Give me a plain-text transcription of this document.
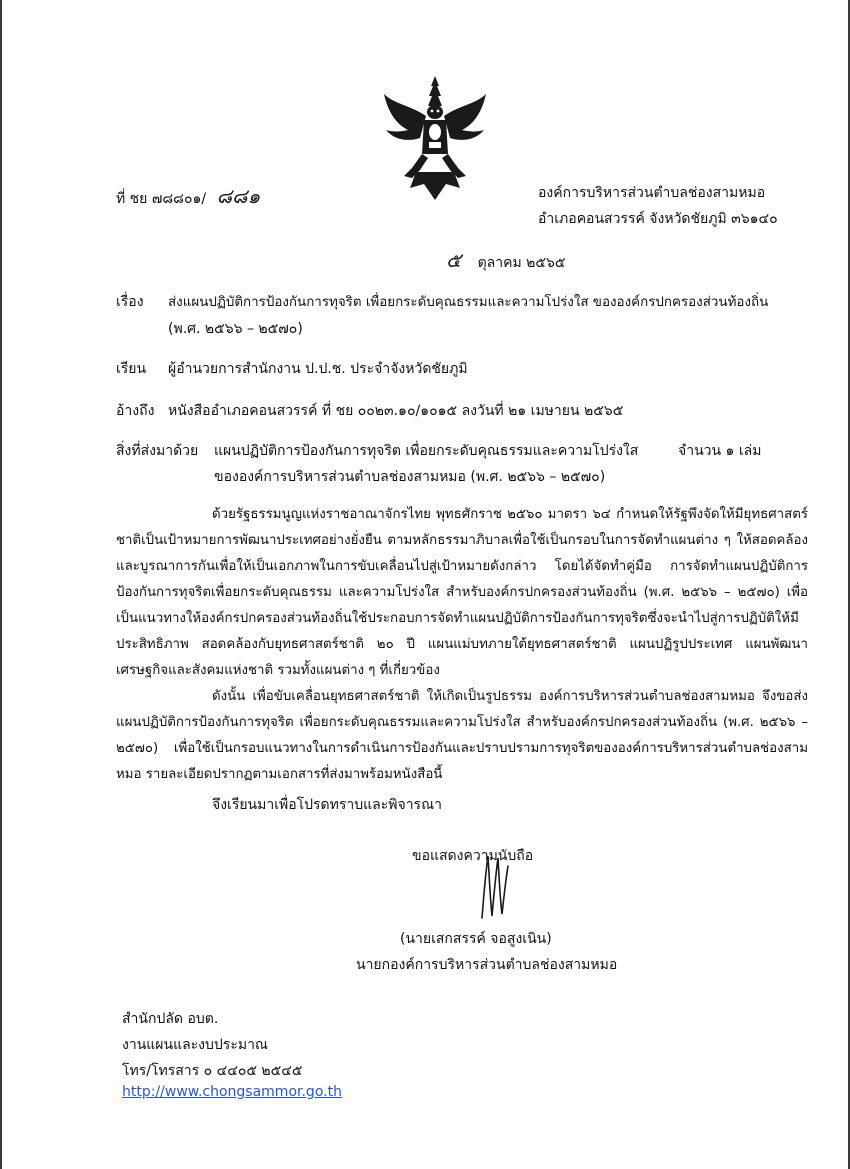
ที่ ชย ๗๘๘๐๑/ ๘๘๑	องค์การบริหารส่วนตำบลช่องสามหมอ
อำเภอคอนสวรรค์ จังหวัดชัยภูมิ ๓๖๑๔๐
๕ ตุลาคม ๒๕๖๕
เรื่อง ส่งแผนปฏิบัติการป้องกันการทุจริต เพื่อยกระดับคุณธรรมและความโปร่งใส ขององค์กรปกครองส่วนท้องถิ่น
(พ.ศ. ๒๕๖๖ – ๒๕๗๐)
เรียน ผู้อำนวยการสำนักงาน ป.ป.ช. ประจำจังหวัดชัยภูมิ
อ้างถึง หนังสืออำเภอคอนสวรรค์ ที่ ชย ๐๐๒๓.๑๐/๑๐๑๕ ลงวันที่ ๒๑ เมษายน ๒๕๖๕
สิ่งที่ส่งมาด้วย แผนปฏิบัติการป้องกันการทุจริต เพื่อยกระดับคุณธรรมและความโปร่งใส	จำนวน ๑ เล่ม
ขององค์การบริหารส่วนตำบลช่องสามหมอ (พ.ศ. ๒๕๖๖ – ๒๕๗๐)
ด้วยรัฐธรรมนูญแห่งราชอาณาจักรไทย พุทธศักราช ๒๕๖๐ มาตรา ๖๔ กำหนดให้รัฐพึงจัดให้มียุทธศาสตร์ชาติเป็นเป้าหมายการพัฒนาประเทศอย่างยั่งยืน ตามหลักธรรมาภิบาลเพื่อใช้เป็นกรอบในการจัดทำแผนต่าง ๆ ให้สอดคล้องและบูรณาการกันเพื่อให้เป็นเอกภาพในการขับเคลื่อนไปสู่เป้าหมายดังกล่าว โดยได้จัดทำคู่มือ การจัดทำแผนปฏิบัติการป้องกันการทุจริตเพื่อยกระดับคุณธรรม และความโปร่งใส สำหรับองค์กรปกครองส่วนท้องถิ่น (พ.ศ. ๒๕๖๖ – ๒๕๗๐) เพื่อเป็นแนวทางให้องค์กรปกครองส่วนท้องถิ่นใช้ประกอบการจัดทำแผนปฏิบัติการป้องกันการทุจริตซึ่งจะนำไปสู่การปฏิบัติให้มีประสิทธิภาพ สอดคล้องกับยุทธศาสตร์ชาติ ๒๐ ปี แผนแม่บทภายใต้ยุทธศาสตร์ชาติ แผนปฏิรูปประเทศ แผนพัฒนาเศรษฐกิจและสังคมแห่งชาติ รวมทั้งแผนต่าง ๆ ที่เกี่ยวข้อง
ดังนั้น เพื่อขับเคลื่อนยุทธศาสตร์ชาติ ให้เกิดเป็นรูปธรรม องค์การบริหารส่วนตำบลช่องสามหมอ จึงขอส่งแผนปฏิบัติการป้องกันการทุจริต เพื่อยกระดับคุณธรรมและความโปร่งใส สำหรับองค์กรปกครองส่วนท้องถิ่น (พ.ศ. ๒๕๖๖ – ๒๕๗๐) เพื่อใช้เป็นกรอบแนวทางในการดำเนินการป้องกันและปราบปรามการทุจริตขององค์การบริหารส่วนตำบลช่องสามหมอ รายละเอียดปรากฏตามเอกสารที่ส่งมาพร้อมหนังสือนี้
จึงเรียนมาเพื่อโปรดทราบและพิจารณา
ขอแสดงความนับถือ
(นายเสกสรรค์ จอสูงเนิน)
นายกองค์การบริหารส่วนตำบลช่องสามหมอ
สำนักปลัด อบต.
งานแผนและงบประมาณ
โทร/โทรสาร ๐ ๔๔๐๕ ๒๕๔๕
http://www.chongsammor.go.th
